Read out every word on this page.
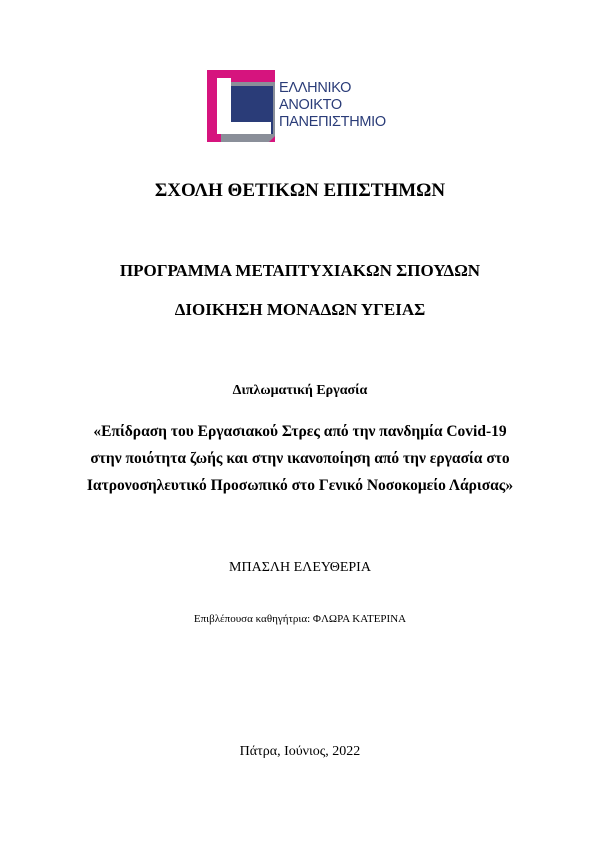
ΕΛΛΗΝΙΚΟ
ΑΝΟΙΚΤΟ
ΠΑΝΕΠΙΣΤΗΜΙΟ
ΣΧΟΛΗ ΘΕΤΙΚΩΝ ΕΠΙΣΤΗΜΩΝ
ΠΡΟΓΡΑΜΜΑ ΜΕΤΑΠΤΥΧΙΑΚΩΝ ΣΠΟΥΔΩΝ
ΔΙΟΙΚΗΣΗ ΜΟΝΑΔΩΝ ΥΓΕΙΑΣ
Διπλωματική Εργασία
«Επίδραση του Εργασιακού Στρες από την πανδημία Covid-19
στην ποιότητα ζωής και στην ικανοποίηση από την εργασία στο
Ιατρονοσηλευτικό Προσωπικό στο Γενικό Νοσοκομείο Λάρισας»
ΜΠΑΣΛΗ ΕΛΕΥΘΕΡΙΑ
Επιβλέπουσα καθηγήτρια: ΦΛΩΡΑ ΚΑΤΕΡΙΝΑ
Πάτρα, Ιούνιος, 2022
